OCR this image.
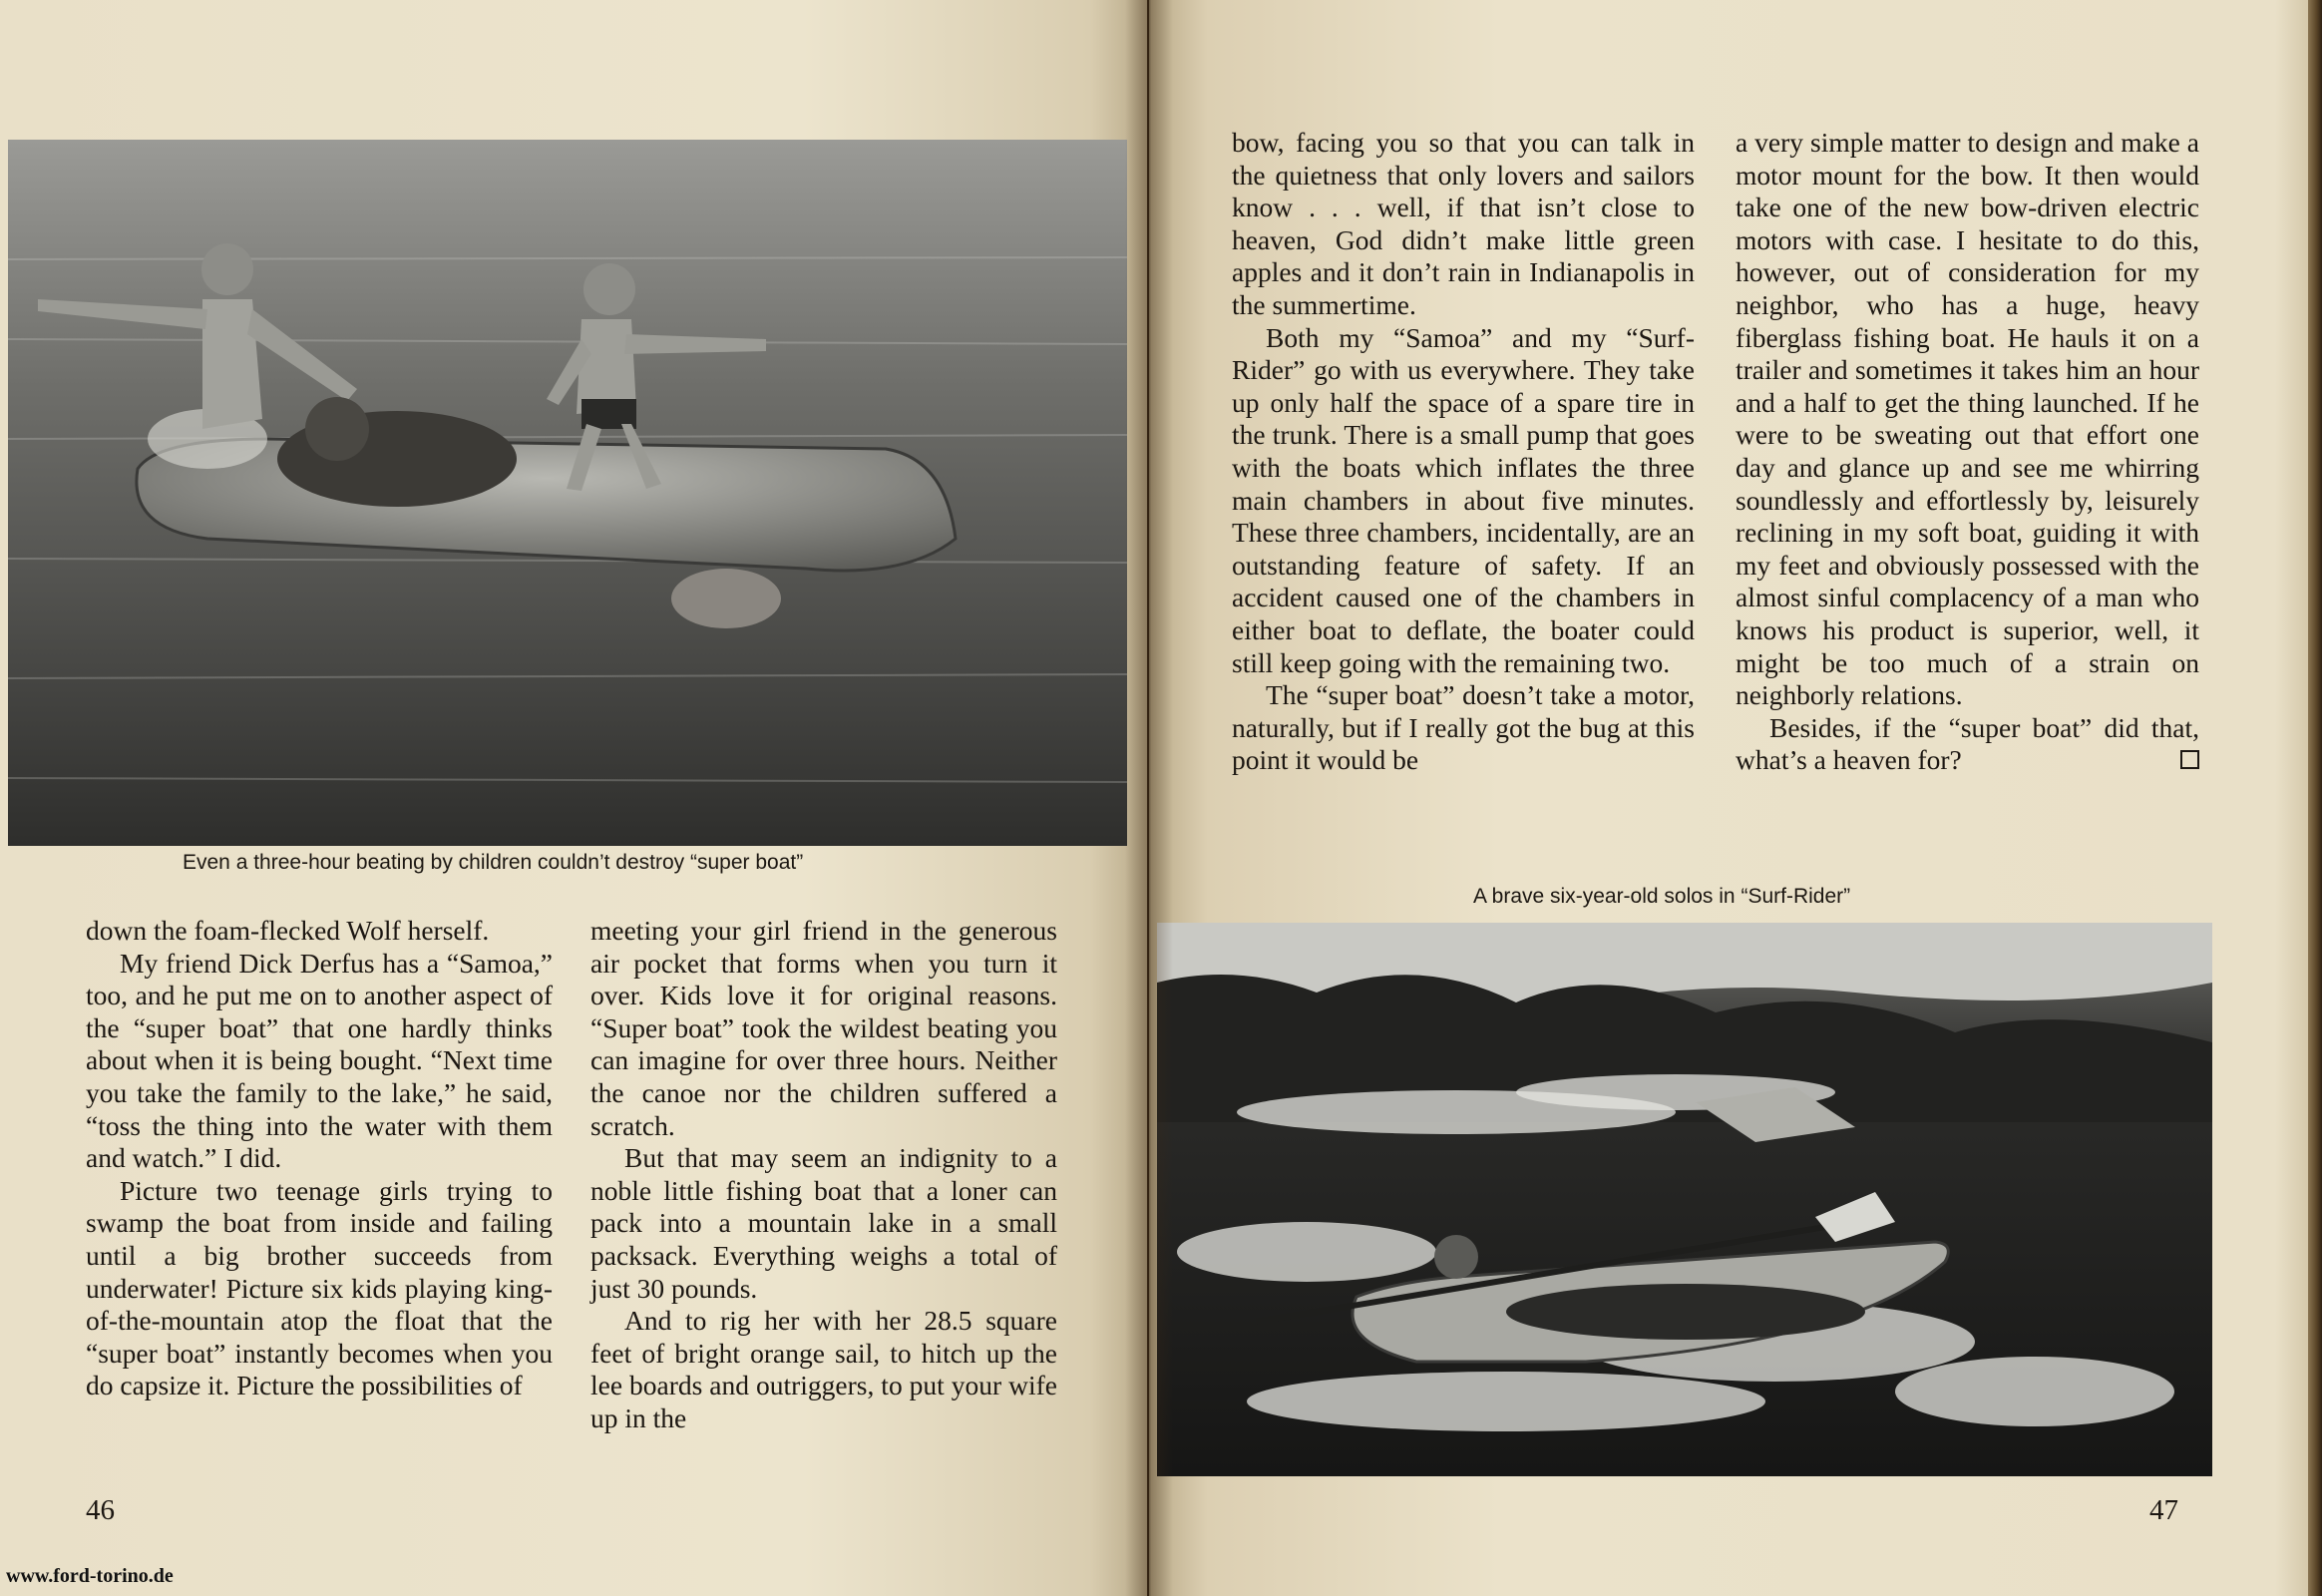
Even a three-hour beating by children couldn’t destroy “super boat”

down the foam-flecked Wolf herself.

My friend Dick Derfus has a “Samoa,” too, and he put me on to another aspect of the “super boat” that one hardly thinks about when it is being bought. “Next time you take the family to the lake,” he said, “toss the thing into the water with them and watch.” I did.

Picture two teenage girls trying to swamp the boat from inside and failing until a big brother succeeds from underwater! Picture six kids playing king-of-the-mountain atop the float that the “super boat” instantly becomes when you do capsize it. Picture the possibilities of

meeting your girl friend in the generous air pocket that forms when you turn it over. Kids love it for original reasons. “Super boat” took the wildest beating you can imagine for over three hours. Neither the canoe nor the children suffered a scratch.

But that may seem an indignity to a noble little fishing boat that a loner can pack into a mountain lake in a small packsack. Everything weighs a total of just 30 pounds.

And to rig her with her 28.5 square feet of bright orange sail, to hitch up the lee boards and outriggers, to put your wife up in the

46
www.ford-torino.de

bow, facing you so that you can talk in the quietness that only lovers and sailors know . . . well, if that isn’t close to heaven, God didn’t make little green apples and it don’t rain in Indianapolis in the summertime.

Both my “Samoa” and my “Surf-Rider” go with us everywhere. They take up only half the space of a spare tire in the trunk. There is a small pump that goes with the boats which inflates the three main chambers in about five minutes. These three chambers, incidentally, are an outstanding feature of safety. If an accident caused one of the chambers in either boat to deflate, the boater could still keep going with the remaining two.

The “super boat” doesn’t take a motor, naturally, but if I really got the bug at this point it would be

a very simple matter to design and make a motor mount for the bow. It then would take one of the new bow-driven electric motors with case. I hesitate to do this, however, out of consideration for my neighbor, who has a huge, heavy fiberglass fishing boat. He hauls it on a trailer and sometimes it takes him an hour and a half to get the thing launched. If he were to be sweating out that effort one day and glance up and see me whirring soundlessly and effortlessly by, leisurely reclining in my soft boat, guiding it with my feet and obviously possessed with the almost sinful complacency of a man who knows his product is superior, well, it might be too much of a strain on neighborly relations.

Besides, if the “super boat” did that, what’s a heaven for?

A brave six-year-old solos in “Surf-Rider”
47
